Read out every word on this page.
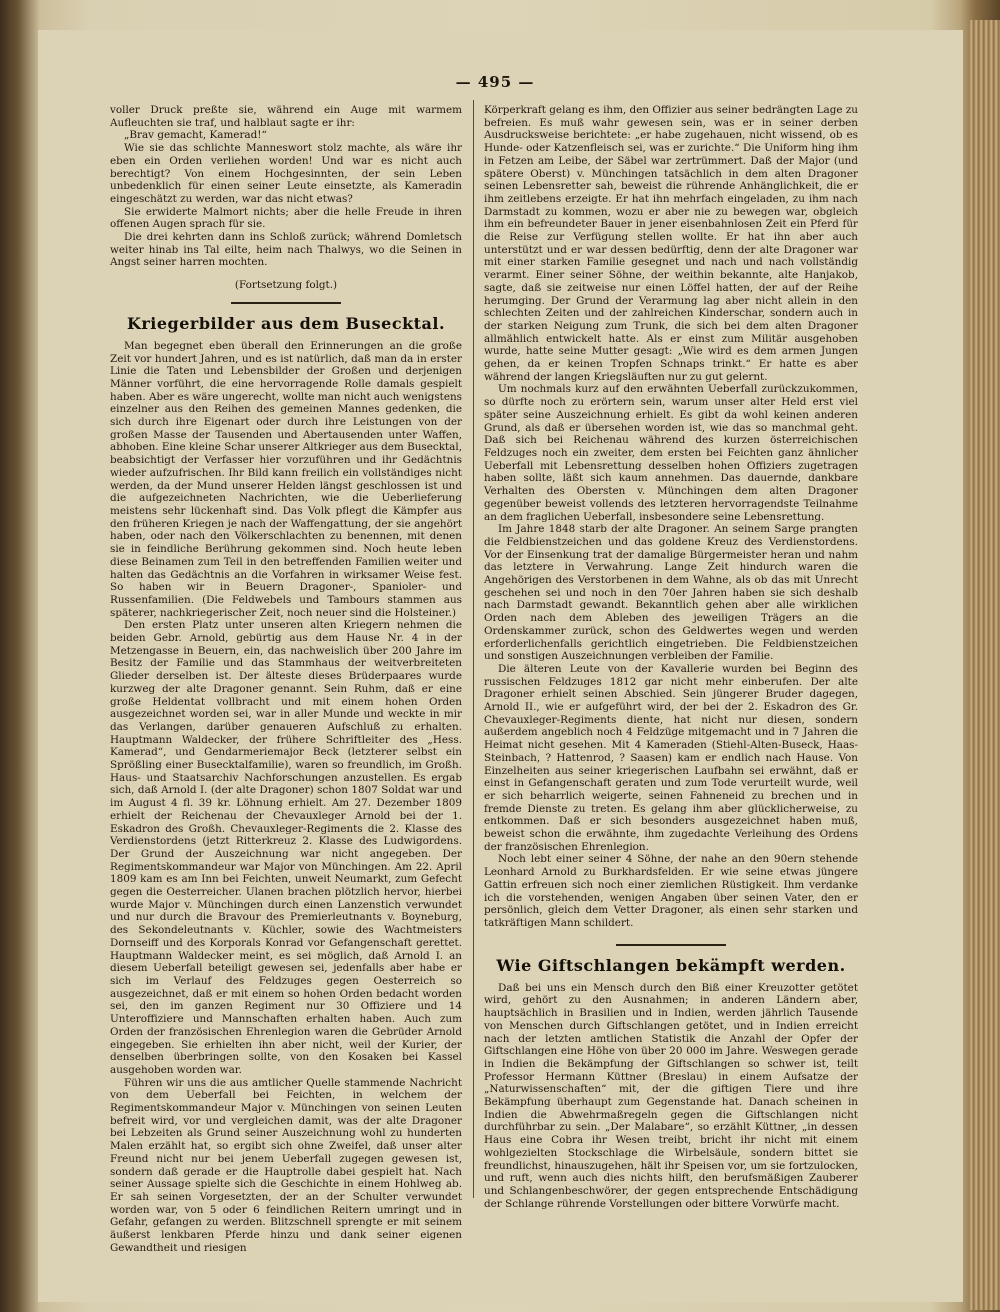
— 495 —

voller Druck preßte sie, während ein Auge mit warmem Aufleuchten sie traf, und halblaut sagte er ihr:

„Brav gemacht, Kamerad!“

Wie sie das schlichte Manneswort stolz machte, als wäre ihr eben ein Orden verliehen worden! Und war es nicht auch berechtigt? Von einem Hochgesinnten, der sein Leben unbedenklich für einen seiner Leute einsetzte, als Kameradin eingeschätzt zu werden, war das nicht etwas?

Sie erwiderte Malmort nichts; aber die helle Freude in ihren offenen Augen sprach für sie.

Die drei kehrten dann ins Schloß zurück; während Domletsch weiter hinab ins Tal eilte, heim nach Thalwys, wo die Seinen in Angst seiner harren mochten.

(Fortsetzung folgt.)

Kriegerbilder aus dem Busecktal.

Man begegnet eben überall den Erinnerungen an die große Zeit vor hundert Jahren, und es ist natürlich, daß man da in erster Linie die Taten und Lebensbilder der Großen und derjenigen Männer vorführt, die eine hervorragende Rolle damals gespielt haben. Aber es wäre ungerecht, wollte man nicht auch wenigstens einzelner aus den Reihen des gemeinen Mannes gedenken, die sich durch ihre Eigenart oder durch ihre Leistungen von der großen Masse der Tausenden und Abertausenden unter Waffen, abhoben. Eine kleine Schar unserer Altkrieger aus dem Busecktal, beabsichtigt der Verfasser hier vorzuführen und ihr Gedächtnis wieder aufzufrischen. Ihr Bild kann freilich ein vollständiges nicht werden, da der Mund unserer Helden längst geschlossen ist und die aufgezeichneten Nachrichten, wie die Ueberlieferung meistens sehr lückenhaft sind. Das Volk pflegt die Kämpfer aus den früheren Kriegen je nach der Waffengattung, der sie angehört haben, oder nach den Völkerschlachten zu benennen, mit denen sie in feindliche Berührung gekommen sind. Noch heute leben diese Beinamen zum Teil in den betreffenden Familien weiter und halten das Gedächtnis an die Vorfahren in wirksamer Weise fest. So haben wir in Beuern Dragoner-, Spanioler- und Russenfamilien. (Die Feldwebels und Tambours stammen aus späterer, nachkriegerischer Zeit, noch neuer sind die Holsteiner.)

Den ersten Platz unter unseren alten Kriegern nehmen die beiden Gebr. Arnold, gebürtig aus dem Hause Nr. 4 in der Metzengasse in Beuern, ein, das nachweislich über 200 Jahre im Besitz der Familie und das Stammhaus der weitverbreiteten Glieder derselben ist. Der älteste dieses Brüderpaares wurde kurzweg der alte Dragoner genannt. Sein Ruhm, daß er eine große Heldentat vollbracht und mit einem hohen Orden ausgezeichnet worden sei, war in aller Munde und weckte in mir das Verlangen, darüber genaueren Aufschluß zu erhalten. Hauptmann Waldecker, der frühere Schriftleiter des „Hess. Kamerad“, und Gendarmeriemajor Beck (letzterer selbst ein Sprößling einer Busecktalfamilie), waren so freundlich, im Großh. Haus- und Staatsarchiv Nachforschungen anzustellen. Es ergab sich, daß Arnold I. (der alte Dragoner) schon 1807 Soldat war und im August 4 fl. 39 kr. Löhnung erhielt. Am 27. Dezember 1809 erhielt der Reichenau der Chevauxleger Arnold bei der 1. Eskadron des Großh. Chevauxleger-Regiments die 2. Klasse des Verdienstordens (jetzt Ritterkreuz 2. Klasse des Ludwigordens. Der Grund der Auszeichnung war nicht angegeben. Der Regimentskommandeur war Major von Münchingen. Am 22. April 1809 kam es am Inn bei Feichten, unweit Neumarkt, zum Gefecht gegen die Oesterreicher. Ulanen brachen plötzlich hervor, hierbei wurde Major v. Münchingen durch einen Lanzenstich verwundet und nur durch die Bravour des Premierleutnants v. Boyneburg, des Sekondeleutnants v. Küchler, sowie des Wachtmeisters Dornseiff und des Korporals Konrad vor Gefangenschaft gerettet. Hauptmann Waldecker meint, es sei möglich, daß Arnold I. an diesem Ueberfall beteiligt gewesen sei, jedenfalls aber habe er sich im Verlauf des Feldzuges gegen Oesterreich so ausgezeichnet, daß er mit einem so hohen Orden bedacht worden sei, den im ganzen Regiment nur 30 Offiziere und 14 Unteroffiziere und Mannschaften erhalten haben. Auch zum Orden der französischen Ehrenlegion waren die Gebrüder Arnold eingegeben. Sie erhielten ihn aber nicht, weil der Kurier, der denselben überbringen sollte, von den Kosaken bei Kassel ausgehoben worden war.

Führen wir uns die aus amtlicher Quelle stammende Nachricht von dem Ueberfall bei Feichten, in welchem der Regimentskommandeur Major v. Münchingen von seinen Leuten befreit wird, vor und vergleichen damit, was der alte Dragoner bei Lebzeiten als Grund seiner Auszeichnung wohl zu hunderten Malen erzählt hat, so ergibt sich ohne Zweifel, daß unser alter Freund nicht nur bei jenem Ueberfall zugegen gewesen ist, sondern daß gerade er die Hauptrolle dabei gespielt hat. Nach seiner Aussage spielte sich die Geschichte in einem Hohlweg ab. Er sah seinen Vorgesetzten, der an der Schulter verwundet worden war, von 5 oder 6 feindlichen Reitern umringt und in Gefahr, gefangen zu werden. Blitzschnell sprengte er mit seinem äußerst lenkbaren Pferde hinzu und dank seiner eigenen Gewandtheit und riesigen

Körperkraft gelang es ihm, den Offizier aus seiner bedrängten Lage zu befreien. Es muß wahr gewesen sein, was er in seiner derben Ausdrucksweise berichtete: „er habe zugehauen, nicht wissend, ob es Hunde- oder Katzenfleisch sei, was er zurichte.“ Die Uniform hing ihm in Fetzen am Leibe, der Säbel war zertrümmert. Daß der Major (und spätere Oberst) v. Münchingen tatsächlich in dem alten Dragoner seinen Lebensretter sah, beweist die rührende Anhänglichkeit, die er ihm zeitlebens erzeigte. Er hat ihn mehrfach eingeladen, zu ihm nach Darmstadt zu kommen, wozu er aber nie zu bewegen war, obgleich ihm ein befreundeter Bauer in jener eisenbahnlosen Zeit ein Pferd für die Reise zur Verfügung stellen wollte. Er hat ihn aber auch unterstützt und er war dessen bedürftig, denn der alte Dragoner war mit einer starken Familie gesegnet und nach und nach vollständig verarmt. Einer seiner Söhne, der weithin bekannte, alte Hanjakob, sagte, daß sie zeitweise nur einen Löffel hatten, der auf der Reihe herumging. Der Grund der Verarmung lag aber nicht allein in den schlechten Zeiten und der zahlreichen Kinderschar, sondern auch in der starken Neigung zum Trunk, die sich bei dem alten Dragoner allmählich entwickelt hatte. Als er einst zum Militär ausgehoben wurde, hatte seine Mutter gesagt: „Wie wird es dem armen Jungen gehen, da er keinen Tropfen Schnaps trinkt.“ Er hatte es aber während der langen Kriegsläuften nur zu gut gelernt.

Um nochmals kurz auf den erwähnten Ueberfall zurückzukommen, so dürfte noch zu erörtern sein, warum unser alter Held erst viel später seine Auszeichnung erhielt. Es gibt da wohl keinen anderen Grund, als daß er übersehen worden ist, wie das so manchmal geht. Daß sich bei Reichenau während des kurzen österreichischen Feldzuges noch ein zweiter, dem ersten bei Feichten ganz ähnlicher Ueberfall mit Lebensrettung desselben hohen Offiziers zugetragen haben sollte, läßt sich kaum annehmen. Das dauernde, dankbare Verhalten des Obersten v. Münchingen dem alten Dragoner gegenüber beweist vollends des letzteren hervorragendste Teilnahme an dem fraglichen Ueberfall, insbesondere seine Lebensrettung.

Im Jahre 1848 starb der alte Dragoner. An seinem Sarge prangten die Feldbienstzeichen und das goldene Kreuz des Verdienstordens. Vor der Einsenkung trat der damalige Bürgermeister heran und nahm das letztere in Verwahrung. Lange Zeit hindurch waren die Angehörigen des Verstorbenen in dem Wahne, als ob das mit Unrecht geschehen sei und noch in den 70er Jahren haben sie sich deshalb nach Darmstadt gewandt. Bekanntlich gehen aber alle wirklichen Orden nach dem Ableben des jeweiligen Trägers an die Ordenskammer zurück, schon des Geldwertes wegen und werden erforderlichenfalls gerichtlich eingetrieben. Die Feldbienstzeichen und sonstigen Auszeichnungen verbleiben der Familie.

Die älteren Leute von der Kavallerie wurden bei Beginn des russischen Feldzuges 1812 gar nicht mehr einberufen. Der alte Dragoner erhielt seinen Abschied. Sein jüngerer Bruder dagegen, Arnold II., wie er aufgeführt wird, der bei der 2. Eskadron des Gr. Chevauxleger-Regiments diente, hat nicht nur diesen, sondern außerdem angeblich noch 4 Feldzüge mitgemacht und in 7 Jahren die Heimat nicht gesehen. Mit 4 Kameraden (Stiehl-Alten-Buseck, Haas-Steinbach, ? Hattenrod, ? Saasen) kam er endlich nach Hause. Von Einzelheiten aus seiner kriegerischen Laufbahn sei erwähnt, daß er einst in Gefangenschaft geraten und zum Tode verurteilt wurde, weil er sich beharrlich weigerte, seinen Fahneneid zu brechen und in fremde Dienste zu treten. Es gelang ihm aber glücklicherweise, zu entkommen. Daß er sich besonders ausgezeichnet haben muß, beweist schon die erwähnte, ihm zugedachte Verleihung des Ordens der französischen Ehrenlegion.

Noch lebt einer seiner 4 Söhne, der nahe an den 90ern stehende Leonhard Arnold zu Burkhardsfelden. Er wie seine etwas jüngere Gattin erfreuen sich noch einer ziemlichen Rüstigkeit. Ihm verdanke ich die vorstehenden, wenigen Angaben über seinen Vater, den er persönlich, gleich dem Vetter Dragoner, als einen sehr starken und tatkräftigen Mann schildert.

Wie Giftschlangen bekämpft werden.

Daß bei uns ein Mensch durch den Biß einer Kreuzotter getötet wird, gehört zu den Ausnahmen; in anderen Ländern aber, hauptsächlich in Brasilien und in Indien, werden jährlich Tausende von Menschen durch Giftschlangen getötet, und in Indien erreicht nach der letzten amtlichen Statistik die Anzahl der Opfer der Giftschlangen eine Höhe von über 20 000 im Jahre. Weswegen gerade in Indien die Bekämpfung der Giftschlangen so schwer ist, teilt Professor Hermann Küttner (Breslau) in einem Aufsatze der „Naturwissenschaften“ mit, der die giftigen Tiere und ihre Bekämpfung überhaupt zum Gegenstande hat. Danach scheinen in Indien die Abwehrmaßregeln gegen die Giftschlangen nicht durchführbar zu sein. „Der Malabare“, so erzählt Küttner, „in dessen Haus eine Cobra ihr Wesen treibt, bricht ihr nicht mit einem wohlgezielten Stockschlage die Wirbelsäule, sondern bittet sie freundlichst, hinauszugehen, hält ihr Speisen vor, um sie fortzulocken, und ruft, wenn auch dies nichts hilft, den berufsmäßigen Zauberer und Schlangenbeschwörer, der gegen entsprechende Entschädigung der Schlange rührende Vorstellungen oder bittere Vorwürfe macht.
